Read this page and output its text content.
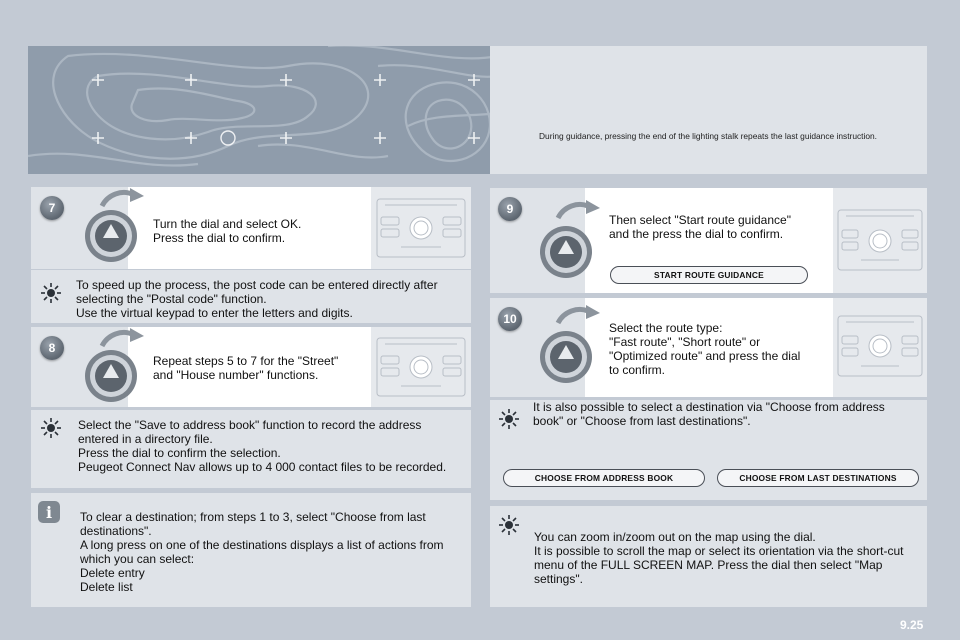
During guidance, pressing the end of the lighting stalk repeats the last guidance instruction.

7
Turn the dial and select OK.
Press the dial to confirm.
To speed up the process, the post code can be entered directly after selecting the "Postal code" function.
Use the virtual keypad to enter the letters and digits.
8
Repeat steps 5 to 7 for the "Street"
and "House number" functions.
Select the "Save to address book" function to record the address entered in a directory file.
Press the dial to confirm the selection.
Peugeot Connect Nav allows up to 4 000 contact files to be recorded.
i	To clear a destination; from steps 1 to 3, select "Choose from last destinations".
A long press on one of the destinations displays a list of actions from which you can select:
Delete entry
Delete list
9
Then select "Start route guidance"
and the press the dial to confirm.
START ROUTE GUIDANCE
10
Select the route type:
"Fast route", "Short route" or
"Optimized route" and press the dial
to confirm.
It is also possible to select a destination via "Choose from address book" or "Choose from last destinations".
CHOOSE FROM ADDRESS BOOK	CHOOSE FROM LAST DESTINATIONS
You can zoom in/zoom out on the map using the dial.
It is possible to scroll the map or select its orientation via the short-cut menu of the FULL SCREEN MAP. Press the dial then select "Map settings".
9.25
